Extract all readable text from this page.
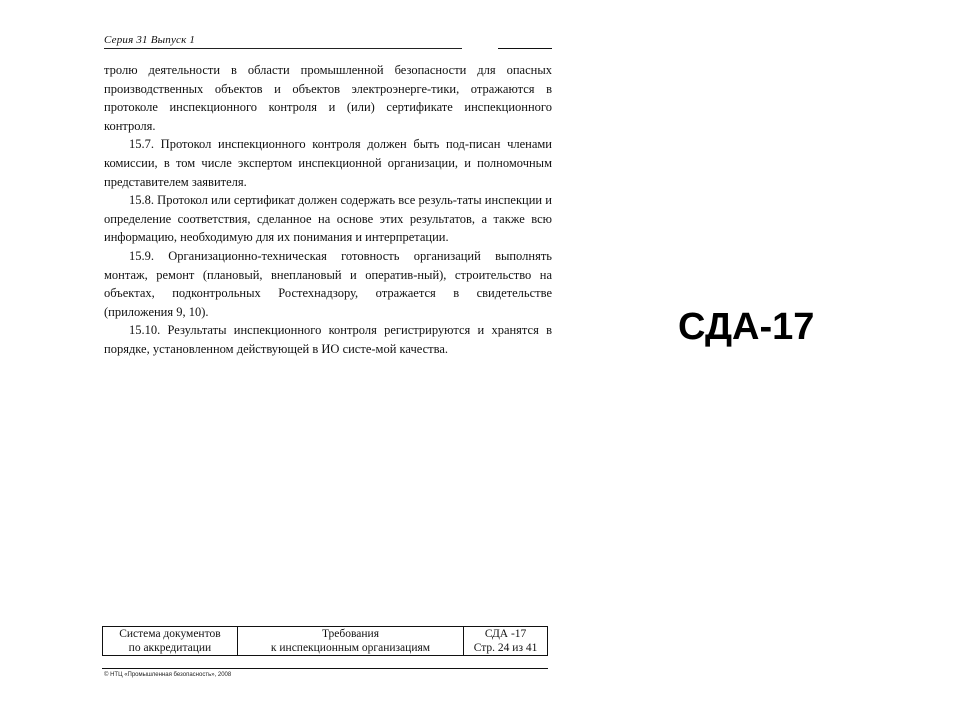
Серия 31 Выпуск 1

тролю деятельности в области промышленной безопасности для опасных производственных объектов и объектов электроэнерге-тики, отражаются в протоколе инспекционного контроля и (или) сертификате инспекционного контроля.

15.7. Протокол инспекционного контроля должен быть под-писан членами комиссии, в том числе экспертом инспекционной организации, и полномочным представителем заявителя.

15.8. Протокол или сертификат должен содержать все резуль-таты инспекции и определение соответствия, сделанное на основе этих результатов, а также всю информацию, необходимую для их понимания и интерпретации.

15.9. Организационно-техническая готовность организаций выполнять монтаж, ремонт (плановый, внеплановый и оператив-ный), строительство на объектах, подконтрольных Ростехнадзору, отражается в свидетельстве (приложения 9, 10).

15.10. Результаты инспекционного контроля регистрируются и хранятся в порядке, установленном действующей в ИО систе-мой качества.

СДА-17
Система документов
по аккредитации

Требования
к инспекционным организациям

СДА -17
Стр. 24 из 41
© НТЦ «Промышленная безопасность», 2008
